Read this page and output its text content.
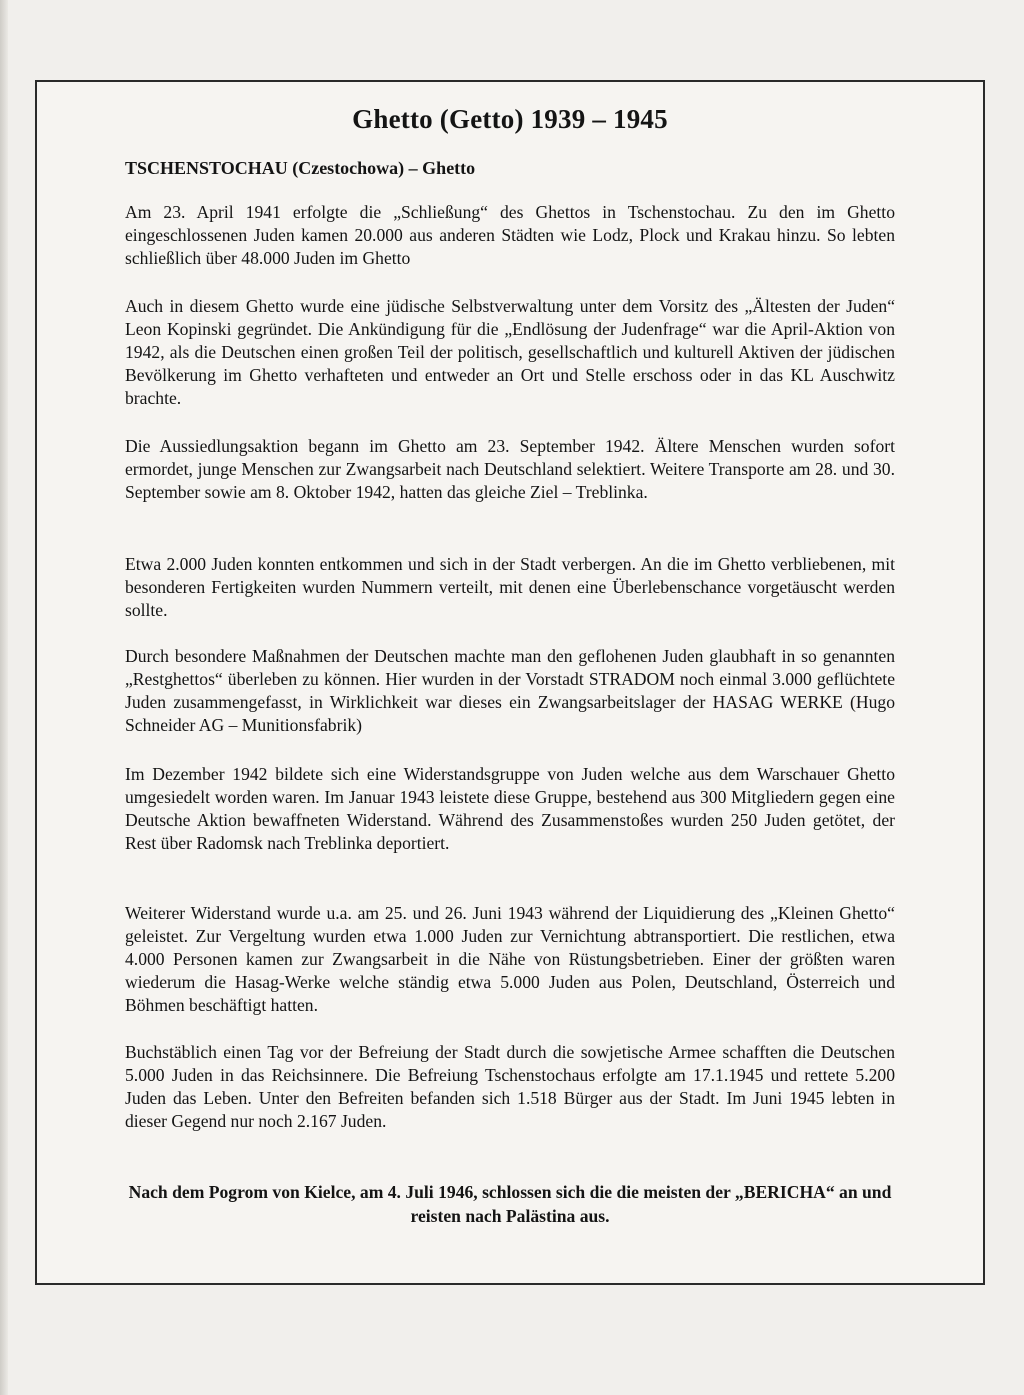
Ghetto (Getto) 1939 – 1945
TSCHENSTOCHAU (Czestochowa) – Ghetto

Am 23. April 1941 erfolgte die „Schließung“ des Ghettos in Tschenstochau. Zu den im Ghetto eingeschlossenen Juden kamen 20.000 aus anderen Städten wie Lodz, Plock und Krakau hinzu. So lebten schließlich über 48.000 Juden im Ghetto

Auch in diesem Ghetto wurde eine jüdische Selbstverwaltung unter dem Vorsitz des „Ältesten der Juden“ Leon Kopinski gegründet. Die Ankündigung für die „Endlösung der Judenfrage“ war die April-Aktion von 1942, als die Deutschen einen großen Teil der politisch, gesellschaftlich und kulturell Aktiven der jüdischen Bevölkerung im Ghetto verhafteten und entweder an Ort und Stelle erschoss oder in das KL Auschwitz brachte.

Die Aussiedlungsaktion begann im Ghetto am 23. September 1942. Ältere Menschen wurden sofort ermordet, junge Menschen zur Zwangsarbeit nach Deutschland selektiert. Weitere Transporte am 28. und 30. September sowie am 8. Oktober 1942, hatten das gleiche Ziel – Treblinka.

Etwa 2.000 Juden konnten entkommen und sich in der Stadt verbergen. An die im Ghetto verbliebenen, mit besonderen Fertigkeiten wurden Nummern verteilt, mit denen eine Überlebenschance vorgetäuscht werden sollte.

Durch besondere Maßnahmen der Deutschen machte man den geflohenen Juden glaubhaft in so genannten „Restghettos“ überleben zu können. Hier wurden in der Vorstadt STRADOM noch einmal 3.000 geflüchtete Juden zusammengefasst, in Wirklichkeit war dieses ein Zwangsarbeitslager der HASAG WERKE (Hugo Schneider AG – Munitionsfabrik)

Im Dezember 1942 bildete sich eine Widerstandsgruppe von Juden welche aus dem Warschauer Ghetto umgesiedelt worden waren. Im Januar 1943 leistete diese Gruppe, bestehend aus 300 Mitgliedern gegen eine Deutsche Aktion bewaffneten Widerstand. Während des Zusammenstoßes wurden 250 Juden getötet, der Rest über Radomsk nach Treblinka deportiert.

Weiterer Widerstand wurde u.a. am 25. und 26. Juni 1943 während der Liquidierung des „Kleinen Ghetto“ geleistet. Zur Vergeltung wurden etwa 1.000 Juden zur Vernichtung abtransportiert. Die restlichen, etwa 4.000 Personen kamen zur Zwangsarbeit in die Nähe von Rüstungsbetrieben. Einer der größten waren wiederum die Hasag-Werke welche ständig etwa 5.000 Juden aus Polen, Deutschland, Österreich und Böhmen beschäftigt hatten.

Buchstäblich einen Tag vor der Befreiung der Stadt durch die sowjetische Armee schafften die Deutschen 5.000 Juden in das Reichsinnere. Die Befreiung Tschenstochaus erfolgte am 17.1.1945 und rettete 5.200 Juden das Leben. Unter den Befreiten befanden sich 1.518 Bürger aus der Stadt. Im Juni 1945 lebten in dieser Gegend nur noch 2.167 Juden.

Nach dem Pogrom von Kielce, am 4. Juli 1946, schlossen sich die die meisten der „BERICHA“ an und reisten nach Palästina aus.
